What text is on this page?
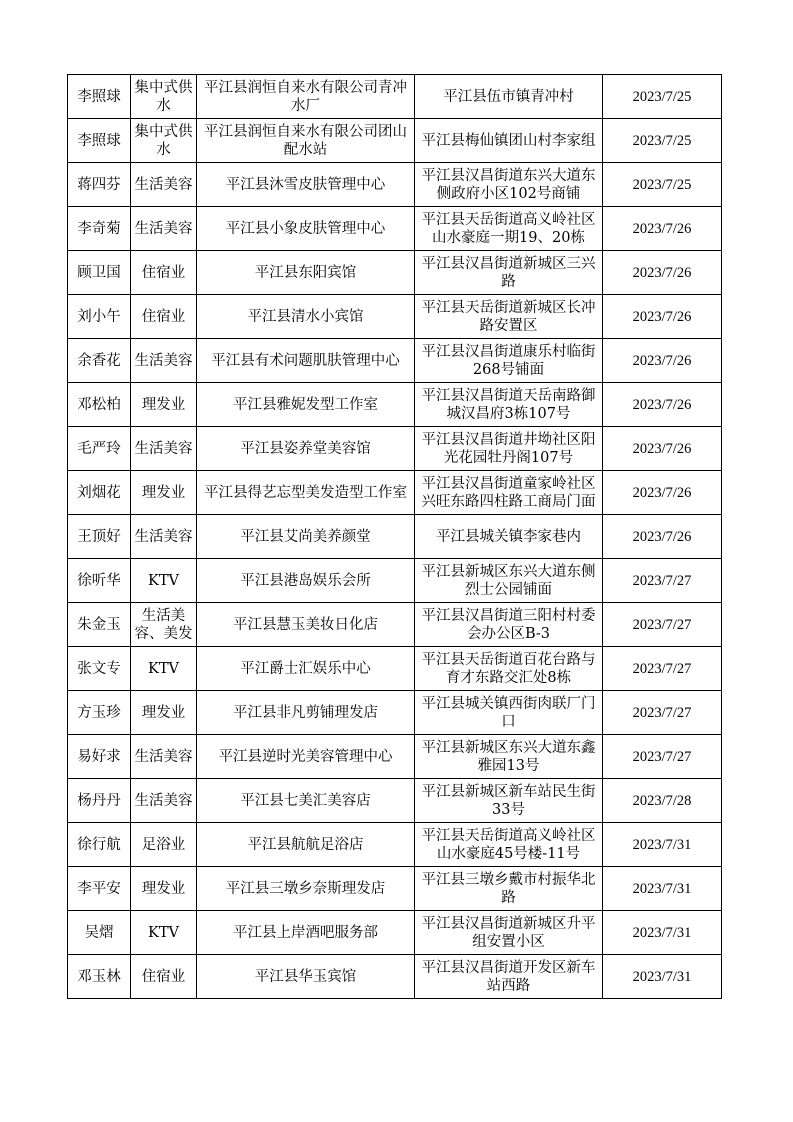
李照球	集中式供水	平江县润恒自来水有限公司青冲水厂	平江县伍市镇青冲村	2023/7/25

李照球	集中式供水	平江县润恒自来水有限公司团山配水站	平江县梅仙镇团山村李家组	2023/7/25

蒋四芬	生活美容	平江县沐雪皮肤管理中心	平江县汉昌街道东兴大道东侧政府小区102号商铺	2023/7/25

李奇菊	生活美容	平江县小象皮肤管理中心	平江县天岳街道高义岭社区山水豪庭一期19、20栋	2023/7/26

顾卫国	住宿业	平江县东阳宾馆	平江县汉昌街道新城区三兴路	2023/7/26

刘小午	住宿业	平江县清水小宾馆	平江县天岳街道新城区长冲路安置区	2023/7/26

余香花	生活美容	平江县有术问题肌肤管理中心	平江县汉昌街道康乐村临街268号铺面	2023/7/26

邓松柏	理发业	平江县雅妮发型工作室	平江县汉昌街道天岳南路御城汉昌府3栋107号	2023/7/26

毛严玲	生活美容	平江县姿养堂美容馆	平江县汉昌街道井坳社区阳光花园牡丹阁107号	2023/7/26

刘烟花	理发业	平江县得艺忘型美发造型工作室	平江县汉昌街道童家岭社区兴旺东路四柱路工商局门面	2023/7/26

王顶好	生活美容	平江县艾尚美养颜堂	平江县城关镇李家巷内	2023/7/26

徐听华	KTV	平江县港岛娱乐会所	平江县新城区东兴大道东侧烈士公园铺面	2023/7/27

朱金玉	生活美容、美发	平江县慧玉美妆日化店	平江县汉昌街道三阳村村委会办公区B-3	2023/7/27

张文专	KTV	平江爵士汇娱乐中心	平江县天岳街道百花台路与育才东路交汇处8栋	2023/7/27

方玉珍	理发业	平江县非凡剪铺理发店	平江县城关镇西街肉联厂门口	2023/7/27

易好求	生活美容	平江县逆时光美容管理中心	平江县新城区东兴大道东鑫雅园13号	2023/7/27

杨丹丹	生活美容	平江县七美汇美容店	平江县新城区新车站民生街33号	2023/7/28

徐行航	足浴业	平江县航航足浴店	平江县天岳街道高义岭社区山水豪庭45号楼-11号	2023/7/31

李平安	理发业	平江县三墩乡奈斯理发店	平江县三墩乡戴市村振华北路	2023/7/31

吴熠	KTV	平江县上岸酒吧服务部	平江县汉昌街道新城区升平组安置小区	2023/7/31

邓玉林	住宿业	平江县华玉宾馆	平江县汉昌街道开发区新车站西路	2023/7/31
